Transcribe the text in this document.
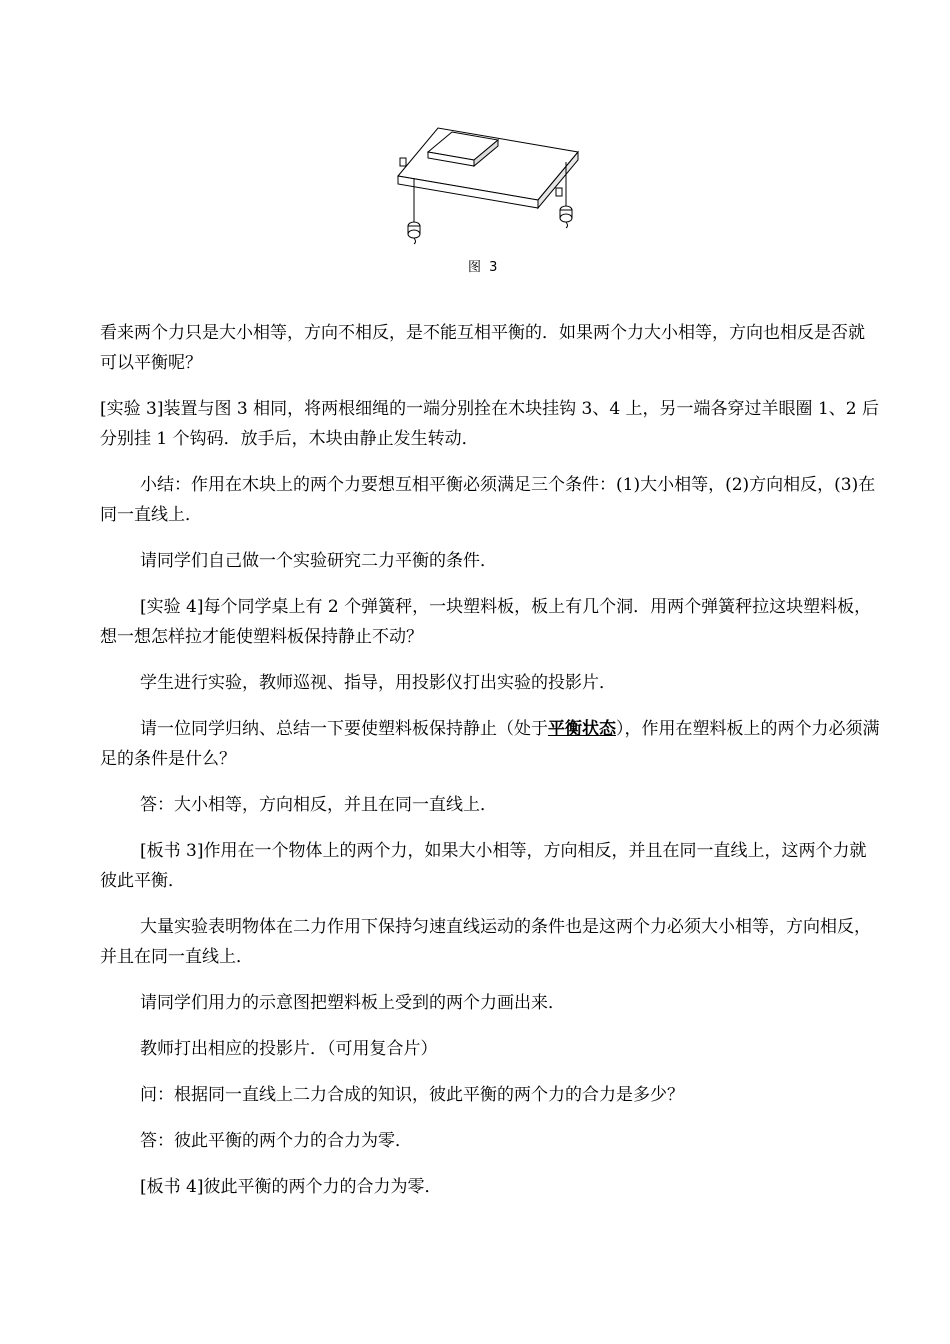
图 3

看来两个力只是大小相等，方向不相反，是不能互相平衡的．如果两个力大小相等，方向也相反是否就可以平衡呢？

[实验 3]装置与图 3 相同，将两根细绳的一端分别拴在木块挂钩 3、4 上，另一端各穿过羊眼圈 1、2 后分别挂 1 个钩码．放手后，木块由静止发生转动．

小结：作用在木块上的两个力要想互相平衡必须满足三个条件：(1)大小相等，(2)方向相反，(3)在同一直线上．

请同学们自己做一个实验研究二力平衡的条件．

[实验 4]每个同学桌上有 2 个弹簧秤，一块塑料板，板上有几个洞．用两个弹簧秤拉这块塑料板，想一想怎样拉才能使塑料板保持静止不动？

学生进行实验，教师巡视、指导，用投影仪打出实验的投影片．

请一位同学归纳、总结一下要使塑料板保持静止（处于平衡状态），作用在塑料板上的两个力必须满足的条件是什么？

答：大小相等，方向相反，并且在同一直线上．

[板书 3]作用在一个物体上的两个力，如果大小相等，方向相反，并且在同一直线上，这两个力就彼此平衡．

大量实验表明物体在二力作用下保持匀速直线运动的条件也是这两个力必须大小相等，方向相反，并且在同一直线上．

请同学们用力的示意图把塑料板上受到的两个力画出来．

教师打出相应的投影片．（可用复合片）

问：根据同一直线上二力合成的知识，彼此平衡的两个力的合力是多少？

答：彼此平衡的两个力的合力为零．

[板书 4]彼此平衡的两个力的合力为零．
